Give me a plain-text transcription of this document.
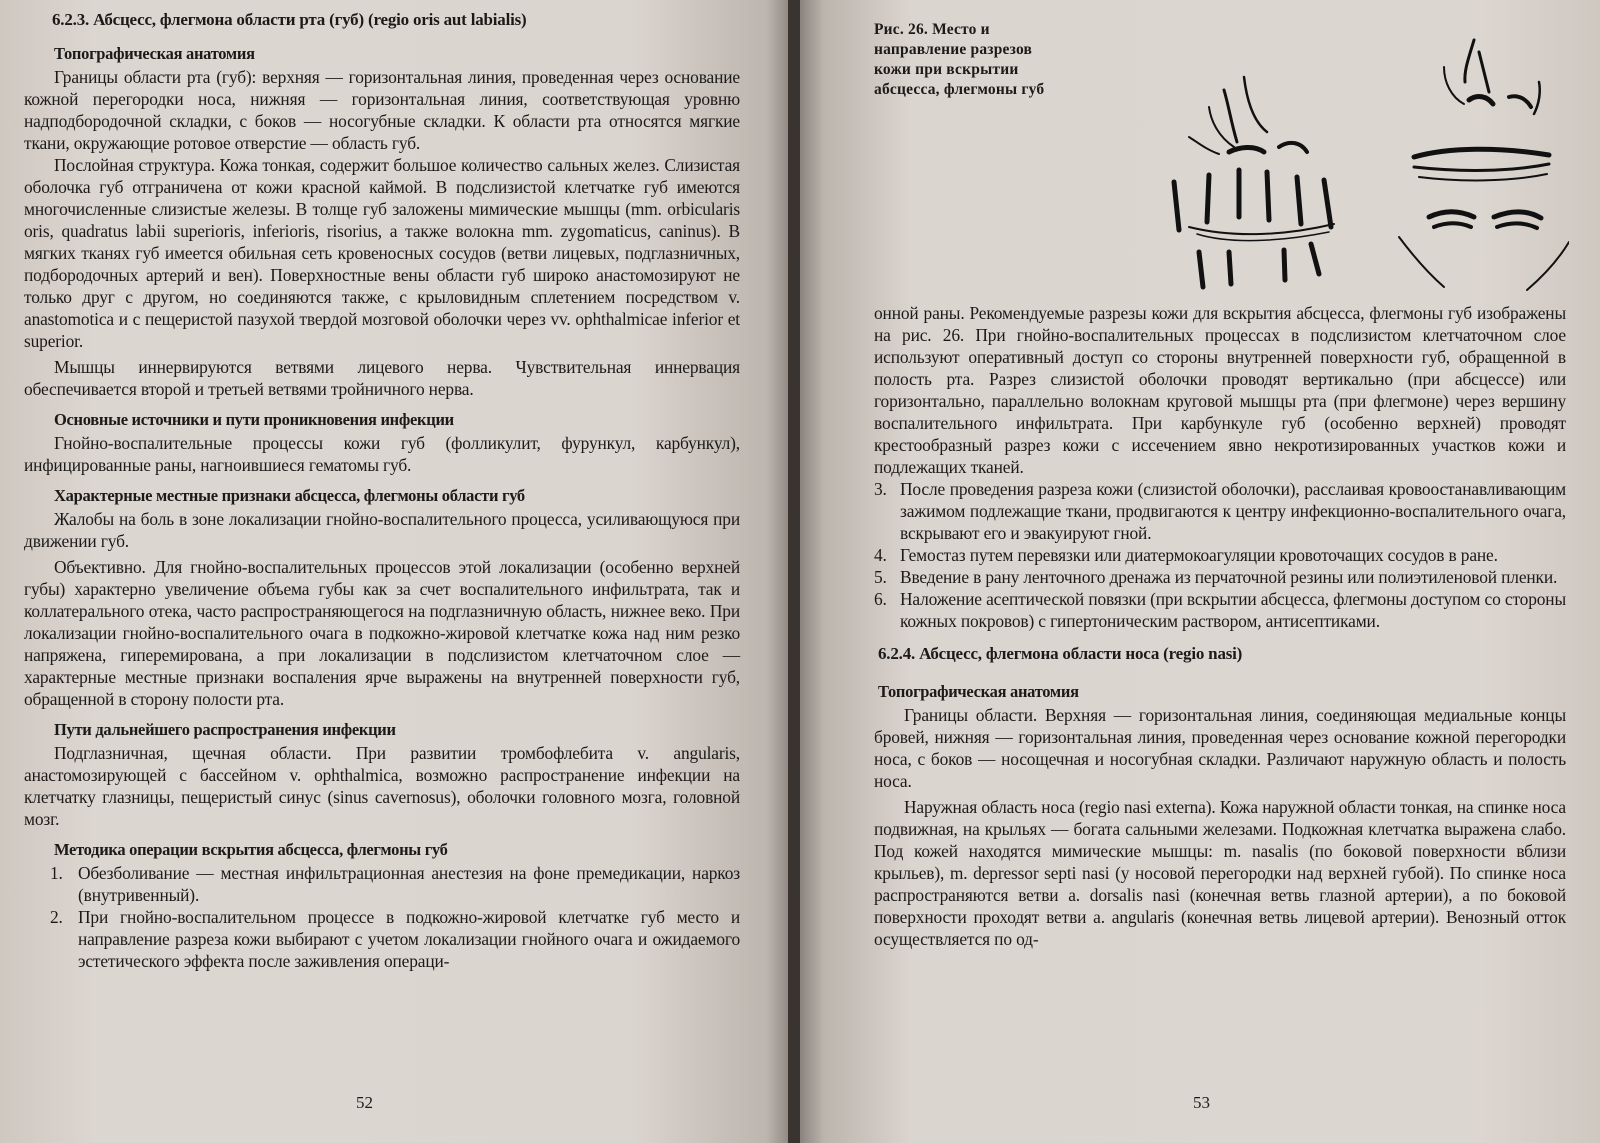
6.2.3. Абсцесс, флегмона области рта (губ) (regio oris aut labialis)
Топографическая анатомия

Границы области рта (губ): верхняя — горизонтальная линия, проведенная через основание кожной перегородки носа, нижняя — горизонтальная линия, соответствующая уровню надподбородочной складки, с боков — носогубные складки. К области рта относятся мягкие ткани, окружающие ротовое отверстие — область губ.

Послойная структура. Кожа тонкая, содержит большое количество сальных желез. Слизистая оболочка губ отграничена от кожи красной каймой. В подслизистой клетчатке губ имеются многочисленные слизистые железы. В толще губ заложены мимические мышцы (mm. orbicularis oris, quadratus labii superioris, inferioris, risorius, а также волокна mm. zygomaticus, caninus). В мягких тканях губ имеется обильная сеть кровеносных сосудов (ветви лицевых, подглазничных, подбородочных артерий и вен). Поверхностные вены области губ широко анастомозируют не только друг с другом, но соединяются также, с крыловидным сплетением посредством v. anastomotica и с пещеристой пазухой твердой мозговой оболочки через vv. ophthalmicae inferior et superior.

Мышцы иннервируются ветвями лицевого нерва. Чувствительная иннервация обеспечивается второй и третьей ветвями тройничного нерва.

Основные источники и пути проникновения инфекции

Гнойно-воспалительные процессы кожи губ (фолликулит, фурункул, карбункул), инфицированные раны, нагноившиеся гематомы губ.

Характерные местные признаки абсцесса, флегмоны области губ

Жалобы на боль в зоне локализации гнойно-воспалительного процесса, усиливающуюся при движении губ.

Объективно. Для гнойно-воспалительных процессов этой локализации (особенно верхней губы) характерно увеличение объема губы как за счет воспалительного инфильтрата, так и коллатерального отека, часто распространяющегося на подглазничную область, нижнее веко. При локализации гнойно-воспалительного очага в подкожно-жировой клетчатке кожа над ним резко напряжена, гиперемирована, а при локализации в подслизистом клетчаточном слое — характерные местные признаки воспаления ярче выражены на внутренней поверхности губ, обращенной в сторону полости рта.

Пути дальнейшего распространения инфекции

Подглазничная, щечная области. При развитии тромбофлебита v. angularis, анастомозирующей с бассейном v. ophthalmica, возможно распространение инфекции на клетчатку глазницы, пещеристый синус (sinus cavernosus), оболочки головного мозга, головной мозг.

Методика операции вскрытия абсцесса, флегмоны губ
1. Обезболивание — местная инфильтрационная анестезия на фоне премедикации, наркоз (внутривенный).
2. При гнойно-воспалительном процессе в подкожно-жировой клетчатке губ место и направление разреза кожи выбирают с учетом локализации гнойного очага и ожидаемого эстетического эффекта после заживления операци-
52
Рис. 26. Место и направление разрезов кожи при вскрытии абсцесса, флегмоны губ

онной раны. Рекомендуемые разрезы кожи для вскрытия абсцесса, флегмоны губ изображены на рис. 26. При гнойно-воспалительных процессах в подслизистом клетчаточном слое используют оперативный доступ со стороны внутренней поверхности губ, обращенной в полость рта. Разрез слизистой оболочки проводят вертикально (при абсцессе) или горизонтально, параллельно волокнам круговой мышцы рта (при флегмоне) через вершину воспалительного инфильтрата. При карбункуле губ (особенно верхней) проводят крестообразный разрез кожи с иссечением явно некротизированных участков кожи и подлежащих тканей.

3. После проведения разреза кожи (слизистой оболочки), расслаивая кровоостанавливающим зажимом подлежащие ткани, продвигаются к центру инфекционно-воспалительного очага, вскрывают его и эвакуируют гной.
4. Гемостаз путем перевязки или диатермокоагуляции кровоточащих сосудов в ране.
5. Введение в рану ленточного дренажа из перчаточной резины или полиэтиленовой пленки.
6. Наложение асептической повязки (при вскрытии абсцесса, флегмоны доступом со стороны кожных покровов) с гипертоническим раствором, антисептиками.
6.2.4. Абсцесс, флегмона области носа (regio nasi)
Топографическая анатомия

Границы области. Верхняя — горизонтальная линия, соединяющая медиальные концы бровей, нижняя — горизонтальная линия, проведенная через основание кожной перегородки носа, с боков — носощечная и носогубная складки. Различают наружную область и полость носа.

Наружная область носа (regio nasi externa). Кожа наружной области тонкая, на спинке носа подвижная, на крыльях — богата сальными железами. Подкожная клетчатка выражена слабо. Под кожей находятся мимические мышцы: m. nasalis (по боковой поверхности вблизи крыльев), m. depressor septi nasi (у носовой перегородки над верхней губой). По спинке носа распространяются ветви a. dorsalis nasi (конечная ветвь глазной артерии), а по боковой поверхности проходят ветви a. angularis (конечная ветвь лицевой артерии). Венозный отток осуществляется по од-

53
